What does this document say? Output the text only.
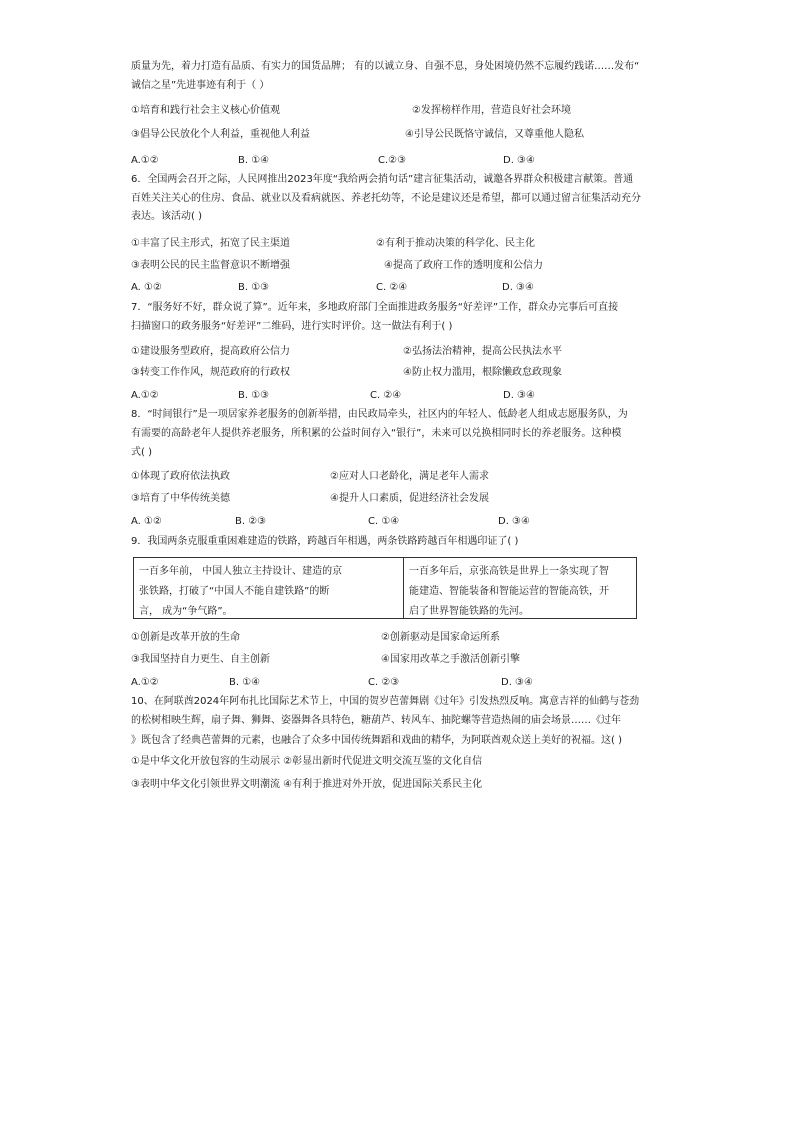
质量为先，着力打造有品质、有实力的国货品牌； 有的以诚立身、自强不息，身处困境仍然不忘履约践诺……发布“
诚信之星”先进事迹有利于（ ）
①培育和践行社会主义核心价值观	②发挥榜样作用，营造良好社会环境
③倡导公民放化个人利益，重视他人利益	④引导公民既恪守诚信，又尊重他人隐私
A.①②	B. ①④	C.②③	D. ③④
6．全国两会召开之际，人民网推出2023年度“我给两会捎句话”建言征集活动，诚邀各界群众积极建言献策。普通
百姓关注关心的住房、食品、就业以及看病就医、养老托幼等，不论是建议还是希望，都可以通过留言征集活动充分
表达。该活动( )
①丰富了民主形式，拓宽了民主渠道	②有利于推动决策的科学化、民主化
③表明公民的民主监督意识不断增强	④提高了政府工作的透明度和公信力
A. ①②	B. ①③	C. ②④	D. ③④
7．“服务好不好，群众说了算”。近年来，多地政府部门全面推进政务服务“好差评”工作，群众办完事后可直接
扫描窗口的政务服务“好差评”二维码，进行实时评价。这一做法有利于( )
①建设服务型政府，提高政府公信力	②弘扬法治精神，提高公民执法水平
③转变工作作风，规范政府的行政权	④防止权力滥用，根除懒政怠政现象
A.①②	B. ①③	C. ②④	D. ③④
8．“时间银行”是一项居家养老服务的创新举措，由民政局牵头，社区内的年轻人、低龄老人组成志愿服务队，为
有需要的高龄老年人提供养老服务，所积累的公益时间存入“银行”，未来可以兑换相同时长的养老服务。这种模
式( )
①体现了政府依法执政	②应对人口老龄化，满足老年人需求
③培育了中华传统美德	④提升人口素质，促进经济社会发展
A. ①②	B. ②③	C. ①④	D. ③④
9．我国两条克服重重困难建造的铁路，跨越百年相遇，两条铁路跨越百年相遇印证了( )
一百多年前， 中国人独立主持设计、建造的京
张铁路，打破了“中国人不能自建铁路”的断
言， 成为“争气路”。
一百多年后，京张高铁是世界上一条实现了智
能建造、智能装备和智能运营的智能高铁，开
启了世界智能铁路的先河。
①创新是改革开放的生命	②创新驱动是国家命运所系
③我国坚持自力更生、自主创新	④国家用改革之手激活创新引擎
A.①②	B. ①④	C. ②③	D. ③④
10、在阿联酋2024年阿布扎比国际艺术节上，中国的贺岁芭蕾舞剧《过年》引发热烈反响。寓意吉祥的仙鹤与苍劲
的松树相映生辉，扇子舞、狮舞、姿器舞各具特色，糖葫芦、转风车、抽陀螺等营造热闹的庙会场景……《过年
》既包含了经典芭蕾舞的元素，也融合了众多中国传统舞蹈和戏曲的精华，为阿联酋观众送上美好的祝福。这( )
①是中华文化开放包容的生动展示 ②彰显出新时代促进文明交流互鉴的文化自信
③表明中华文化引领世界文明潮流 ④有利于推进对外开放，促进国际关系民主化
